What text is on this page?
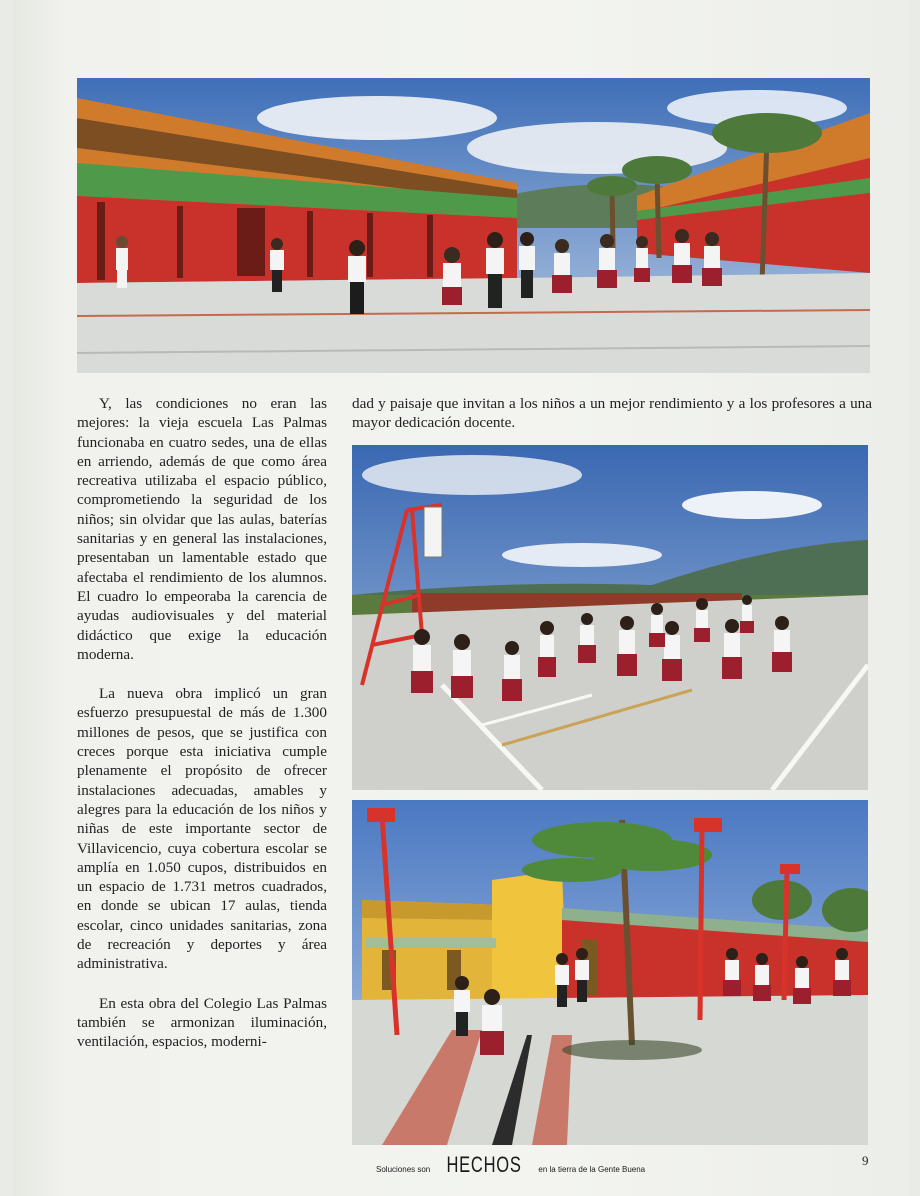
Y, las condiciones no eran las mejores: la vieja escuela Las Palmas funcionaba en cuatro sedes, una de ellas en arriendo, además de que como área recreativa utilizaba el espacio público, comprometiendo la seguridad de los niños; sin olvidar que las aulas, baterías sanitarias y en general las instalaciones, presentaban un lamentable estado que afectaba el rendimiento de los alumnos. El cuadro lo empeoraba la carencia de ayudas audiovisuales y del material didáctico que exige la educación moderna.

La nueva obra implicó un gran esfuerzo presupuestal de más de 1.300 millones de pesos, que se justifica con creces porque esta iniciativa cumple plenamente el propósito de ofrecer instalaciones adecuadas, amables y alegres para la educación de los niños y niñas de este importante sector de Villavicencio, cuya cobertura escolar se amplía en 1.050 cupos, distribuidos en un espacio de 1.731 metros cuadrados, en donde se ubican 17 aulas, tienda escolar, cinco unidades sanitarias, zona de recreación y deportes y área administrativa.

En esta obra del Colegio Las Palmas también se armonizan iluminación, ventilación, espacios, moderni-

dad y paisaje que invitan a los niños a un mejor rendimiento y a los profesores a una mayor dedicación docente.

Soluciones son HECHOS en la tierra de la Gente Buena
9
